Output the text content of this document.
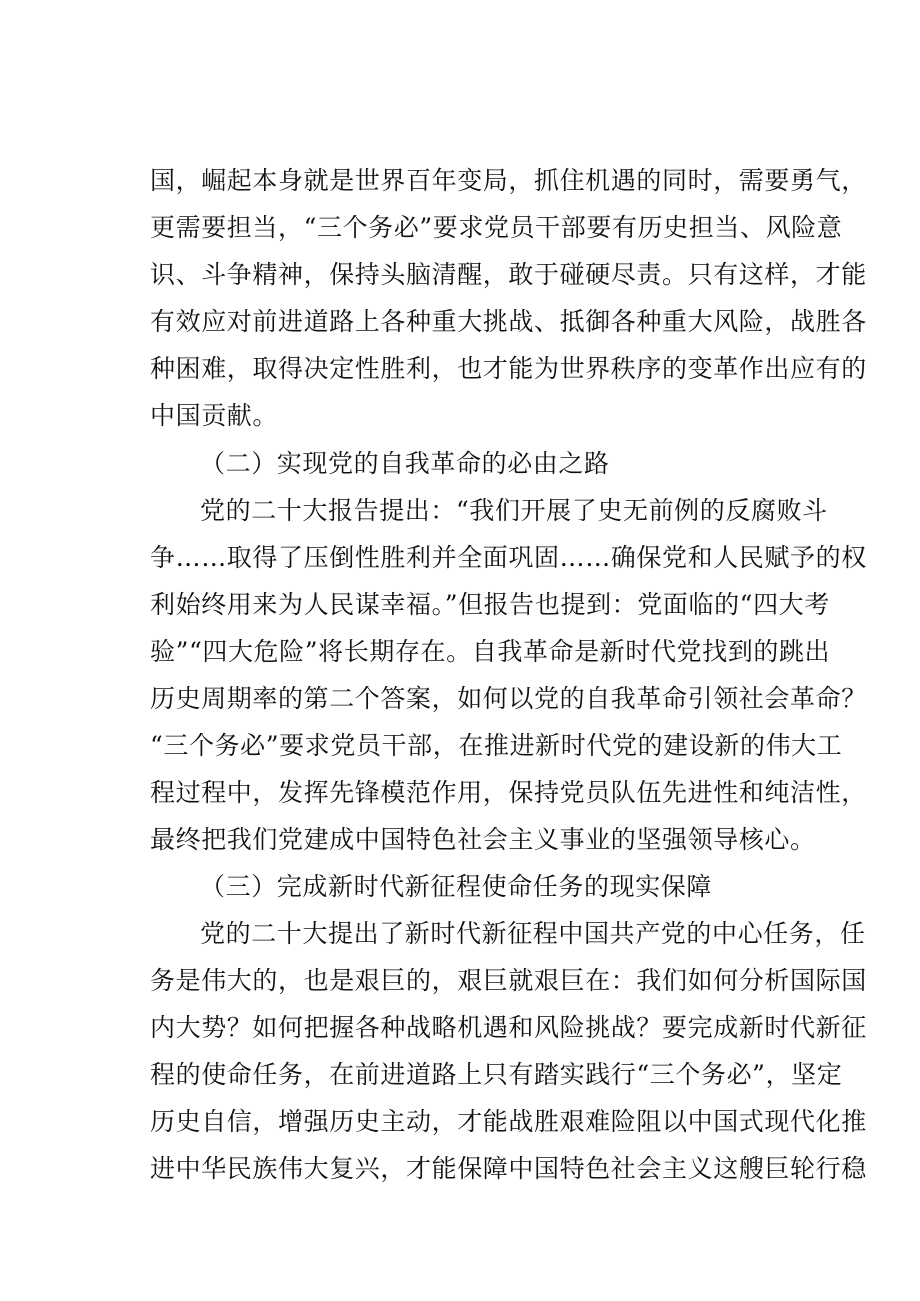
国，崛起本身就是世界百年变局，抓住机遇的同时，需要勇气，
更需要担当，“三个务必”要求党员干部要有历史担当、风险意
识、斗争精神，保持头脑清醒，敢于碰硬尽责。只有这样，才能
有效应对前进道路上各种重大挑战、抵御各种重大风险，战胜各
种困难，取得决定性胜利，也才能为世界秩序的变革作出应有的
中国贡献。
（二）实现党的自我革命的必由之路
党的二十大报告提出：“我们开展了史无前例的反腐败斗
争……取得了压倒性胜利并全面巩固……确保党和人民赋予的权
利始终用来为人民谋幸福。”但报告也提到：党面临的“四大考
验”“四大危险”将长期存在。自我革命是新时代党找到的跳出
历史周期率的第二个答案，如何以党的自我革命引领社会革命？
“三个务必”要求党员干部，在推进新时代党的建设新的伟大工
程过程中，发挥先锋模范作用，保持党员队伍先进性和纯洁性，
最终把我们党建成中国特色社会主义事业的坚强领导核心。
（三）完成新时代新征程使命任务的现实保障
党的二十大提出了新时代新征程中国共产党的中心任务，任
务是伟大的，也是艰巨的，艰巨就艰巨在：我们如何分析国际国
内大势？如何把握各种战略机遇和风险挑战？要完成新时代新征
程的使命任务，在前进道路上只有踏实践行“三个务必”，坚定
历史自信，增强历史主动，才能战胜艰难险阻以中国式现代化推
进中华民族伟大复兴，才能保障中国特色社会主义这艘巨轮行稳
